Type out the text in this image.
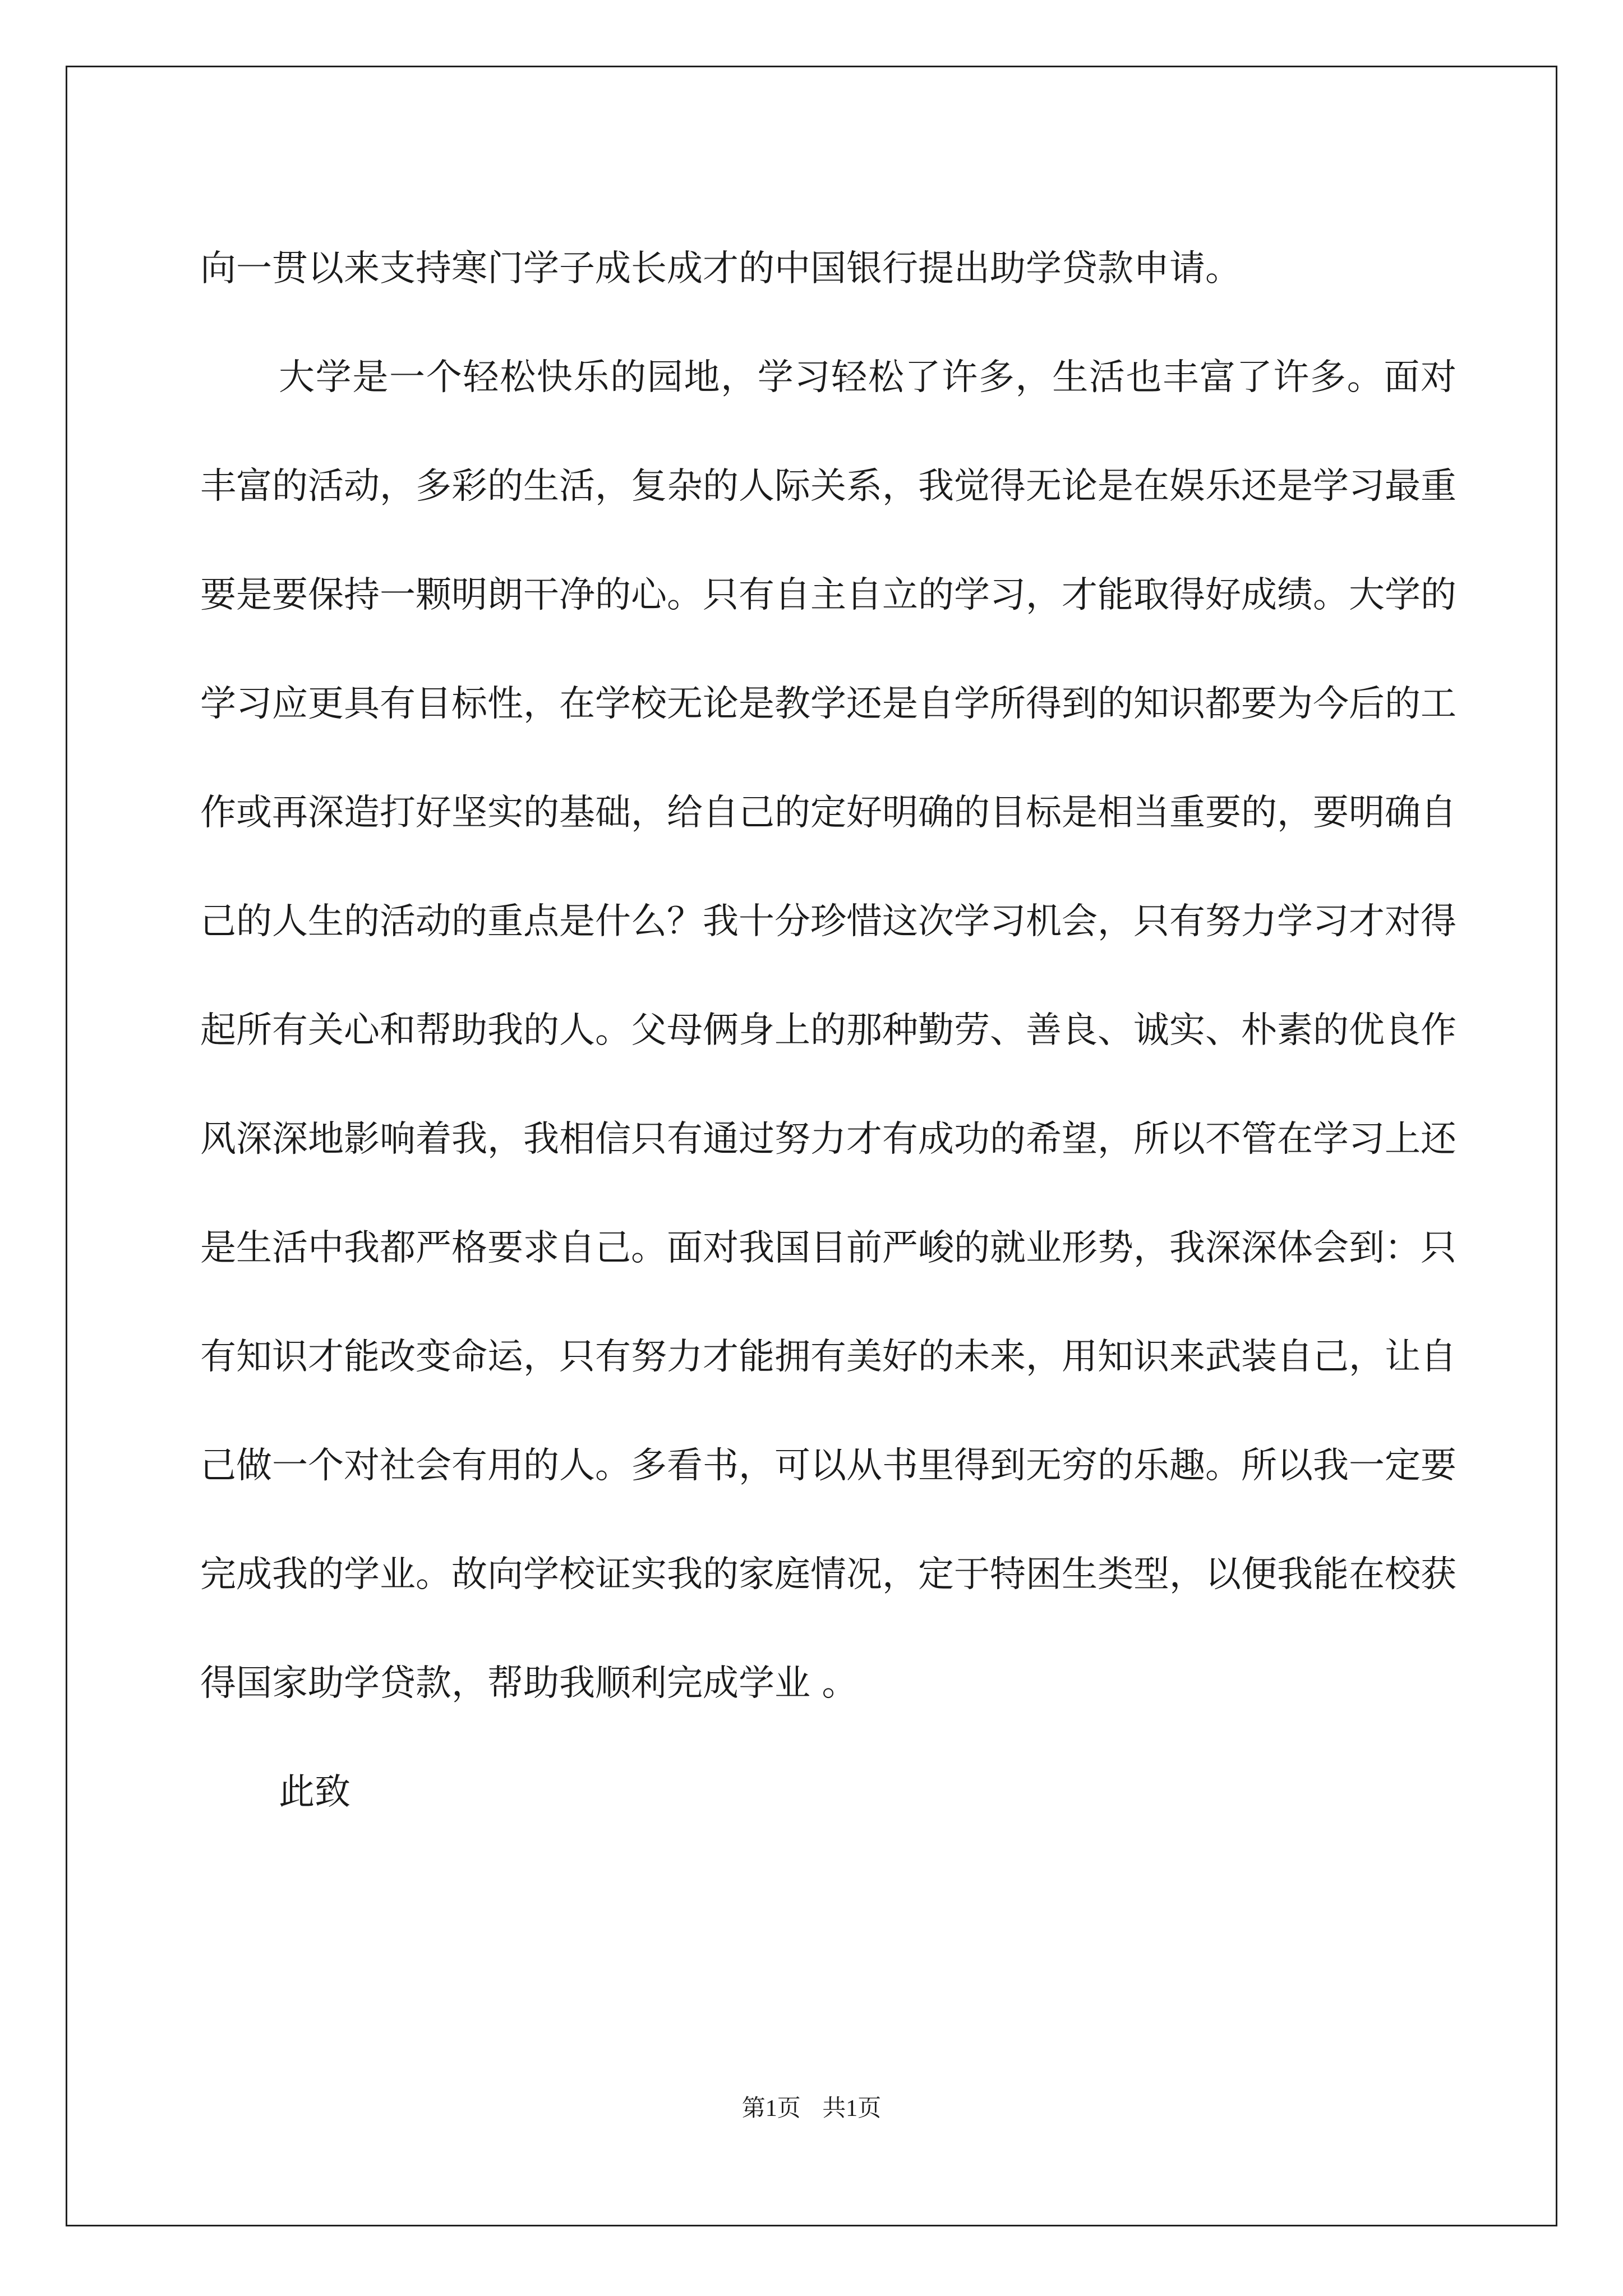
向一贯以来支持寒门学子成长成才的中国银行提出助学贷款申请。

大学是一个轻松快乐的园地，学习轻松了许多，生活也丰富了许多。面对丰富的活动，多彩的生活，复杂的人际关系，我觉得无论是在娱乐还是学习最重要是要保持一颗明朗干净的心。只有自主自立的学习，才能取得好成绩。大学的学习应更具有目标性，在学校无论是教学还是自学所得到的知识都要为今后的工作或再深造打好坚实的基础，给自己的定好明确的目标是相当重要的，要明确自己的人生的活动的重点是什么？我十分珍惜这次学习机会，只有努力学习才对得起所有关心和帮助我的人。父母俩身上的那种勤劳、善良、诚实、朴素的优良作风深深地影响着我，我相信只有通过努力才有成功的希望，所以不管在学习上还是生活中我都严格要求自己。面对我国目前严峻的就业形势，我深深体会到：只有知识才能改变命运，只有努力才能拥有美好的未来，用知识来武装自己，让自己做一个对社会有用的人。多看书，可以从书里得到无穷的乐趣。所以我一定要完成我的学业。故向学校证实我的家庭情况，定于特困生类型，以便我能在校获得国家助学贷款，帮助我顺利完成学业 。

此致

第1页 共1页
